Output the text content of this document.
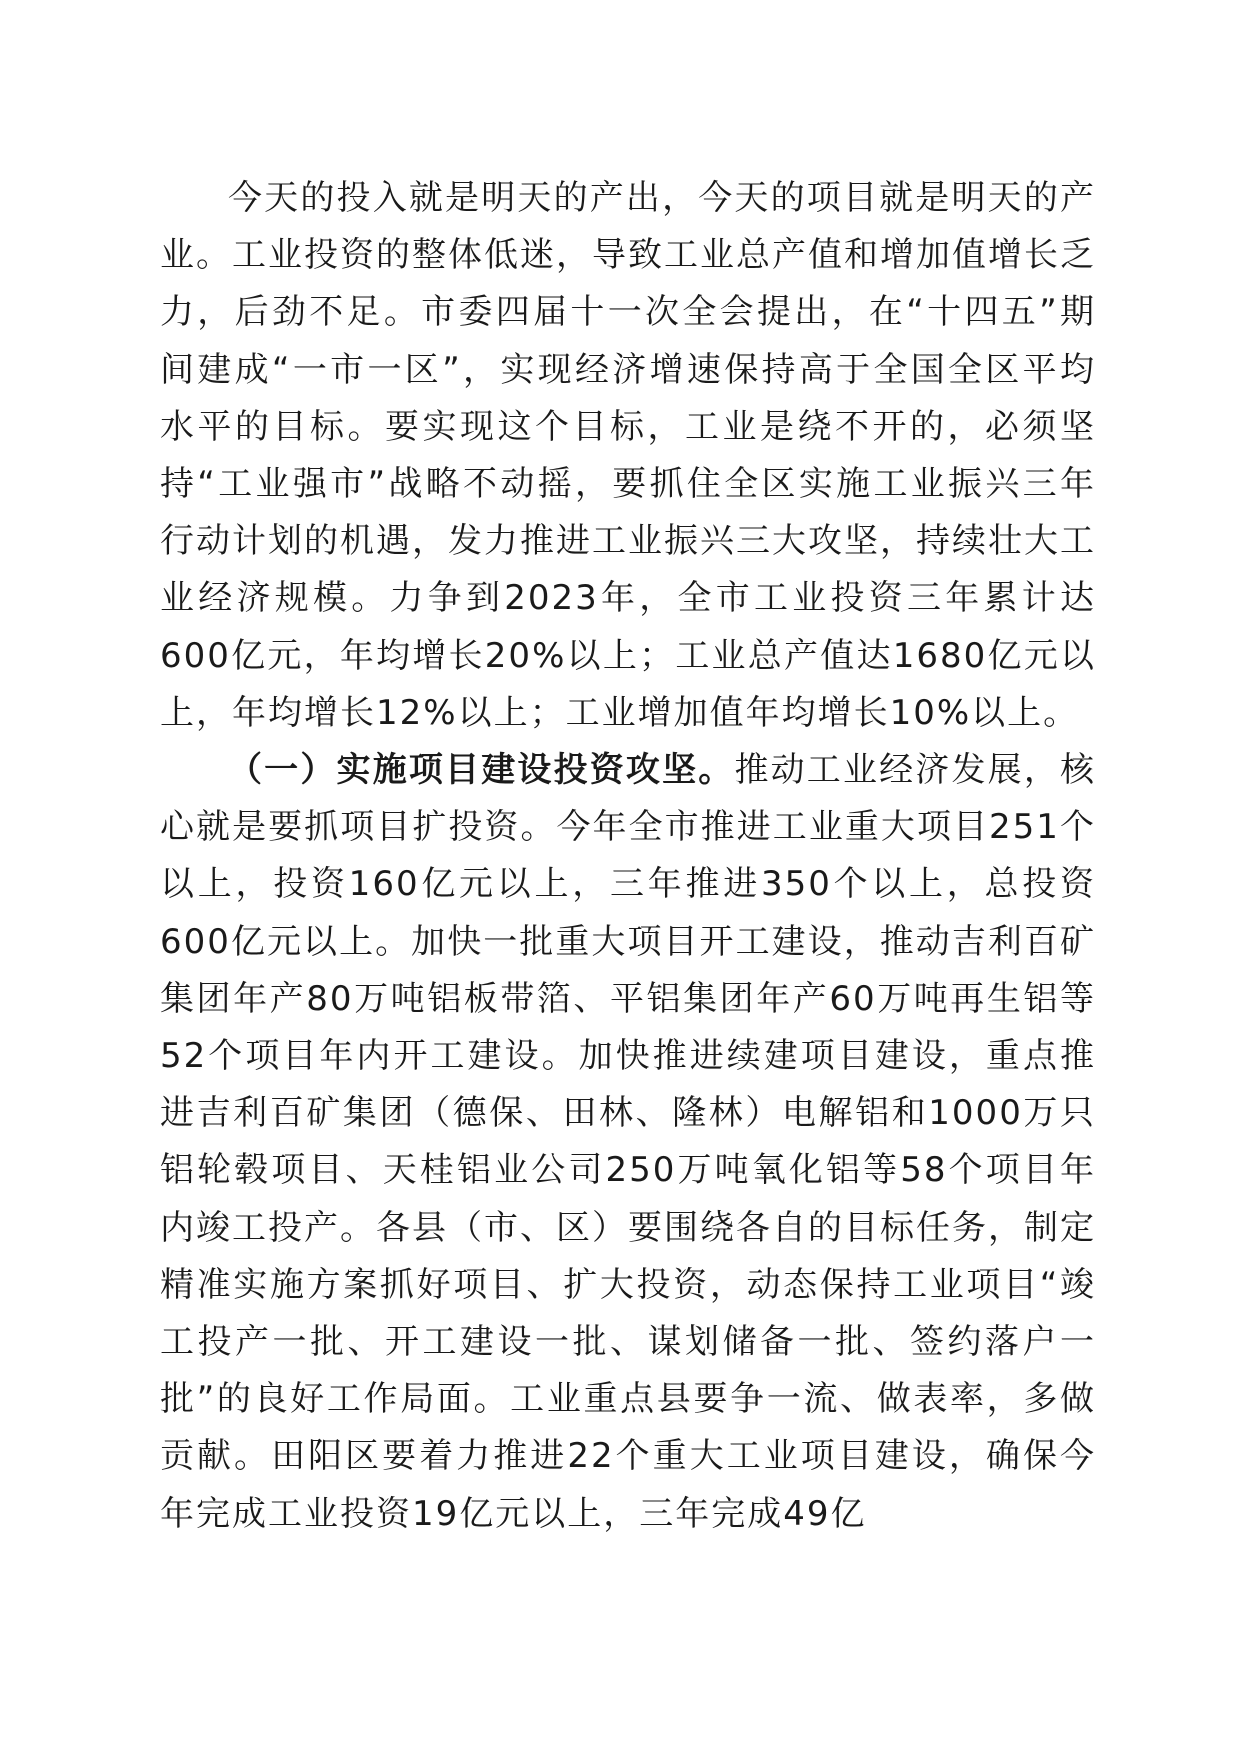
今天的投入就是明天的产出，今天的项目就是明天的产业。工业投资的整体低迷，导致工业总产值和增加值增长乏力，后劲不足。市委四届十一次全会提出，在“十四五”期间建成“一市一区”，实现经济增速保持高于全国全区平均水平的目标。要实现这个目标，工业是绕不开的，必须坚持“工业强市”战略不动摇，要抓住全区实施工业振兴三年行动计划的机遇，发力推进工业振兴三大攻坚，持续壮大工业经济规模。力争到2023年，全市工业投资三年累计达600亿元，年均增长20%以上；工业总产值达1680亿元以上，年均增长12%以上；工业增加值年均增长10%以上。

（一）实施项目建设投资攻坚。推动工业经济发展，核心就是要抓项目扩投资。今年全市推进工业重大项目251个以上，投资160亿元以上，三年推进350个以上，总投资600亿元以上。加快一批重大项目开工建设，推动吉利百矿集团年产80万吨铝板带箔、平铝集团年产60万吨再生铝等52个项目年内开工建设。加快推进续建项目建设，重点推进吉利百矿集团（德保、田林、隆林）电解铝和1000万只铝轮毂项目、天桂铝业公司250万吨氧化铝等58个项目年内竣工投产。各县（市、区）要围绕各自的目标任务，制定精准实施方案抓好项目、扩大投资，动态保持工业项目“竣工投产一批、开工建设一批、谋划储备一批、签约落户一批”的良好工作局面。工业重点县要争一流、做表率，多做贡献。田阳区要着力推进22个重大工业项目建设，确保今年完成工业投资19亿元以上，三年完成49亿
